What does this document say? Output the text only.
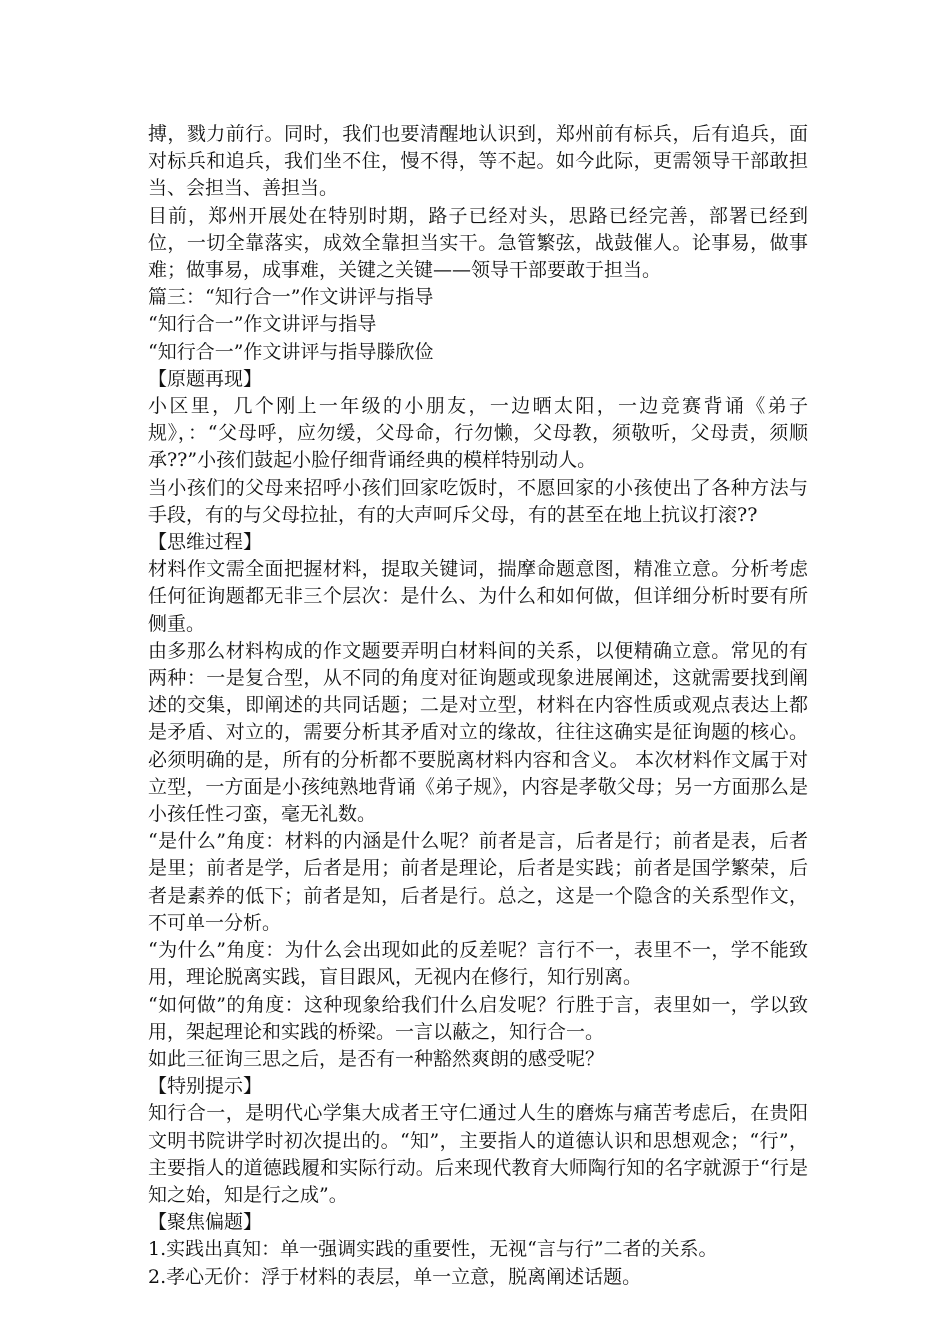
搏，戮力前行。同时，我们也要清醒地认识到，郑州前有标兵，后有追兵，面对标兵和追兵，我们坐不住，慢不得，等不起。如今此际，更需领导干部敢担当、会担当、善担当。

目前，郑州开展处在特别时期，路子已经对头，思路已经完善，部署已经到位，一切全靠落实，成效全靠担当实干。急管繁弦，战鼓催人。论事易，做事难；做事易，成事难，关键之关键——领导干部要敢于担当。

篇三：“知行合一”作文讲评与指导

“知行合一”作文讲评与指导

“知行合一”作文讲评与指导滕欣俭

【原题再现】

小区里，几个刚上一年级的小朋友，一边晒太阳，一边竞赛背诵《弟子规》，：“父母呼，应勿缓，父母命，行勿懒，父母教，须敬听，父母责，须顺承??”小孩们鼓起小脸仔细背诵经典的模样特别动人。

当小孩们的父母来招呼小孩们回家吃饭时，不愿回家的小孩使出了各种方法与手段，有的与父母拉扯，有的大声呵斥父母，有的甚至在地上抗议打滚??

【思维过程】

材料作文需全面把握材料，提取关键词，揣摩命题意图，精准立意。分析考虑任何征询题都无非三个层次：是什么、为什么和如何做，但详细分析时要有所侧重。

由多那么材料构成的作文题要弄明白材料间的关系，以便精确立意。常见的有两种：一是复合型，从不同的角度对征询题或现象进展阐述，这就需要找到阐述的交集，即阐述的共同话题；二是对立型，材料在内容性质或观点表达上都是矛盾、对立的，需要分析其矛盾对立的缘故，往往这确实是征询题的核心。必须明确的是，所有的分析都不要脱离材料内容和含义。 本次材料作文属于对立型，一方面是小孩纯熟地背诵《弟子规》，内容是孝敬父母；另一方面那么是小孩任性刁蛮，毫无礼数。

“是什么”角度：材料的内涵是什么呢？前者是言，后者是行；前者是表，后者是里；前者是学，后者是用；前者是理论，后者是实践；前者是国学繁荣，后者是素养的低下；前者是知，后者是行。总之，这是一个隐含的关系型作文，不可单一分析。

“为什么”角度：为什么会出现如此的反差呢？言行不一，表里不一，学不能致用，理论脱离实践，盲目跟风，无视内在修行，知行别离。

“如何做”的角度：这种现象给我们什么启发呢？行胜于言，表里如一，学以致用，架起理论和实践的桥梁。一言以蔽之，知行合一。

如此三征询三思之后，是否有一种豁然爽朗的感受呢？

【特别提示】

知行合一，是明代心学集大成者王守仁通过人生的磨炼与痛苦考虑后，在贵阳文明书院讲学时初次提出的。“知”，主要指人的道德认识和思想观念；“行”，主要指人的道德践履和实际行动。后来现代教育大师陶行知的名字就源于“行是知之始，知是行之成”。

【聚焦偏题】

1.实践出真知：单一强调实践的重要性，无视“言与行”二者的关系。

2.孝心无价：浮于材料的表层，单一立意，脱离阐述话题。
